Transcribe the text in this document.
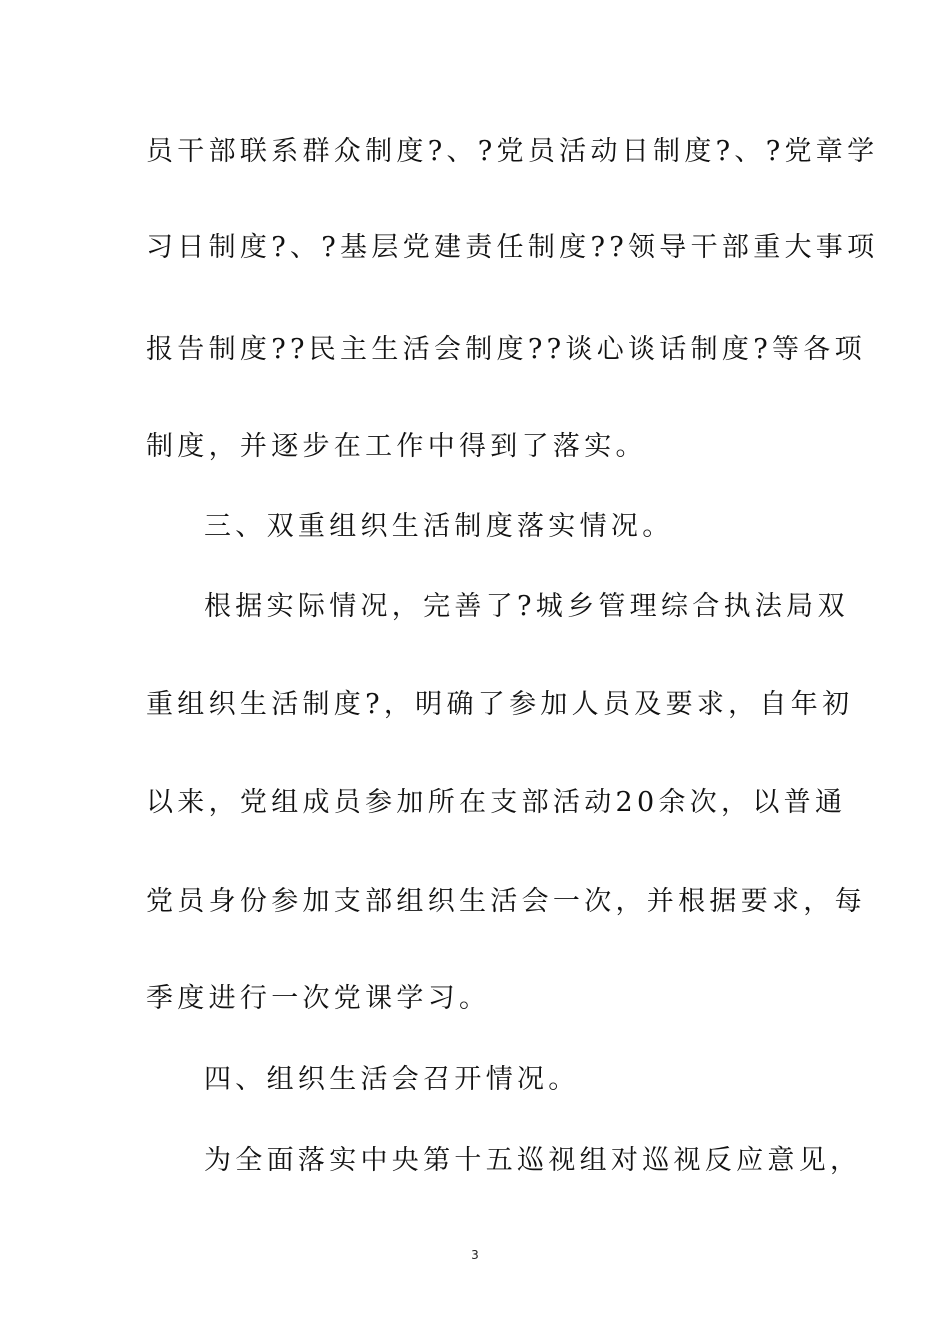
员干部联系群众制度?、?党员活动日制度?、?党章学
习日制度?、?基层党建责任制度??领导干部重大事项
报告制度??民主生活会制度??谈心谈话制度?等各项
制度，并逐步在工作中得到了落实。
三、双重组织生活制度落实情况。
根据实际情况，完善了?城乡管理综合执法局双
重组织生活制度?，明确了参加人员及要求，自年初
以来，党组成员参加所在支部活动20余次，以普通
党员身份参加支部组织生活会一次，并根据要求，每
季度进行一次党课学习。
四、组织生活会召开情况。
为全面落实中央第十五巡视组对巡视反应意见，
3
